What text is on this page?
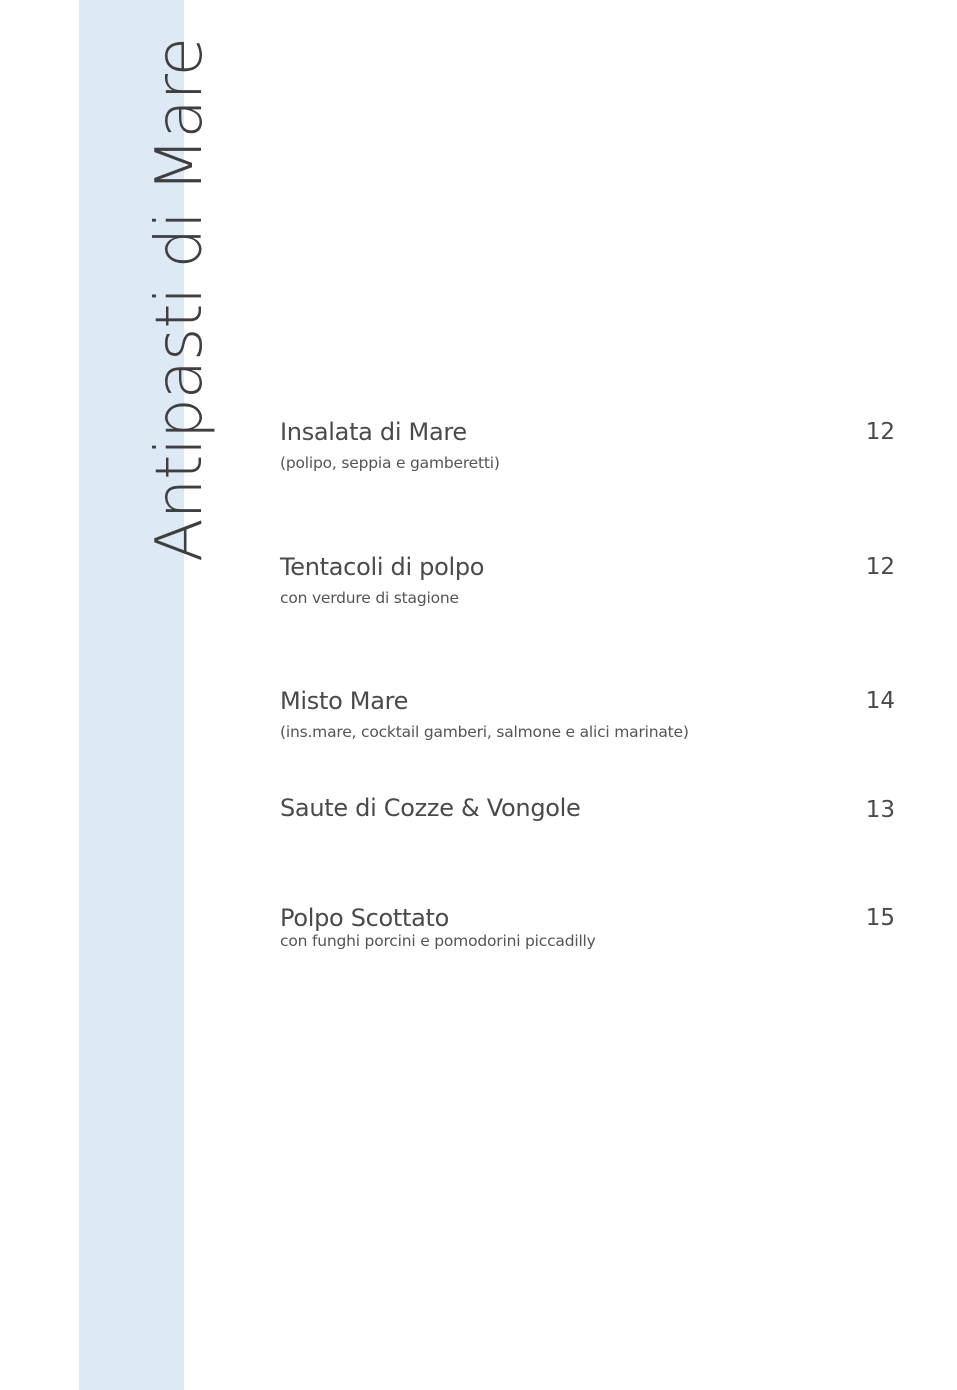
Antipasti di Mare	Insalata di Mare
(polipo, seppia e gamberetti)
12
Tentacoli di polpo
con verdure di stagione
12
Misto Mare
(ins.mare, cocktail gamberi, salmone e alici marinate)
14
Saute di Cozze & Vongole	13
Polpo Scottato
con funghi porcini e pomodorini piccadilly
15
